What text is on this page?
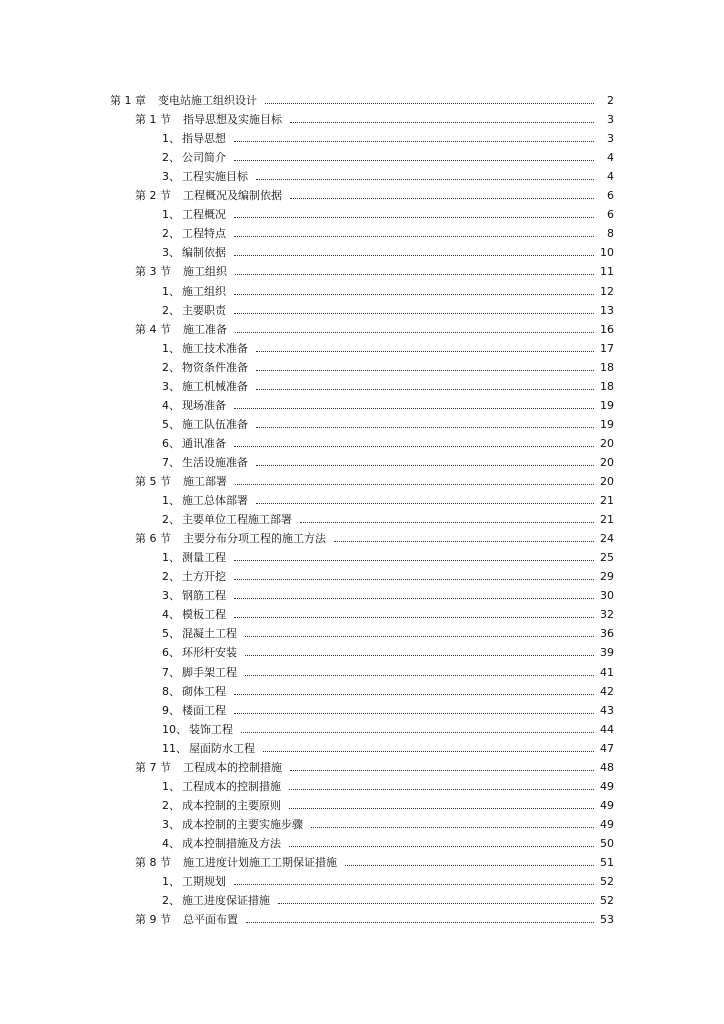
第 1 章 变电站施工组织设计	2
第 1 节 指导思想及实施目标	3
1、 指导思想	3
2、 公司简介	4
3、 工程实施目标	4
第 2 节 工程概况及编制依据	6
1、 工程概况	6
2、 工程特点	8
3、 编制依据	10
第 3 节 施工组织	11
1、 施工组织	12
2、 主要职责	13
第 4 节 施工准备	16
1、 施工技术准备	17
2、 物资条件准备	18
3、 施工机械准备	18
4、 现场准备	19
5、 施工队伍准备	19
6、 通讯准备	20
7、 生活设施准备	20
第 5 节 施工部署	20
1、 施工总体部署	21
2、 主要单位工程施工部署	21
第 6 节 主要分布分项工程的施工方法	24
1、 测量工程	25
2、 土方开挖	29
3、 钢筋工程	30
4、 模板工程	32
5、 混凝土工程	36
6、 环形杆安装	39
7、 脚手架工程	41
8、 砌体工程	42
9、 楼面工程	43
10、 装饰工程	44
11、 屋面防水工程	47
第 7 节 工程成本的控制措施	48
1、 工程成本的控制措施	49
2、 成本控制的主要原则	49
3、 成本控制的主要实施步骤	49
4、 成本控制措施及方法	50
第 8 节 施工进度计划施工工期保证措施	51
1、 工期规划	52
2、 施工进度保证措施	52
第 9 节 总平面布置	53
